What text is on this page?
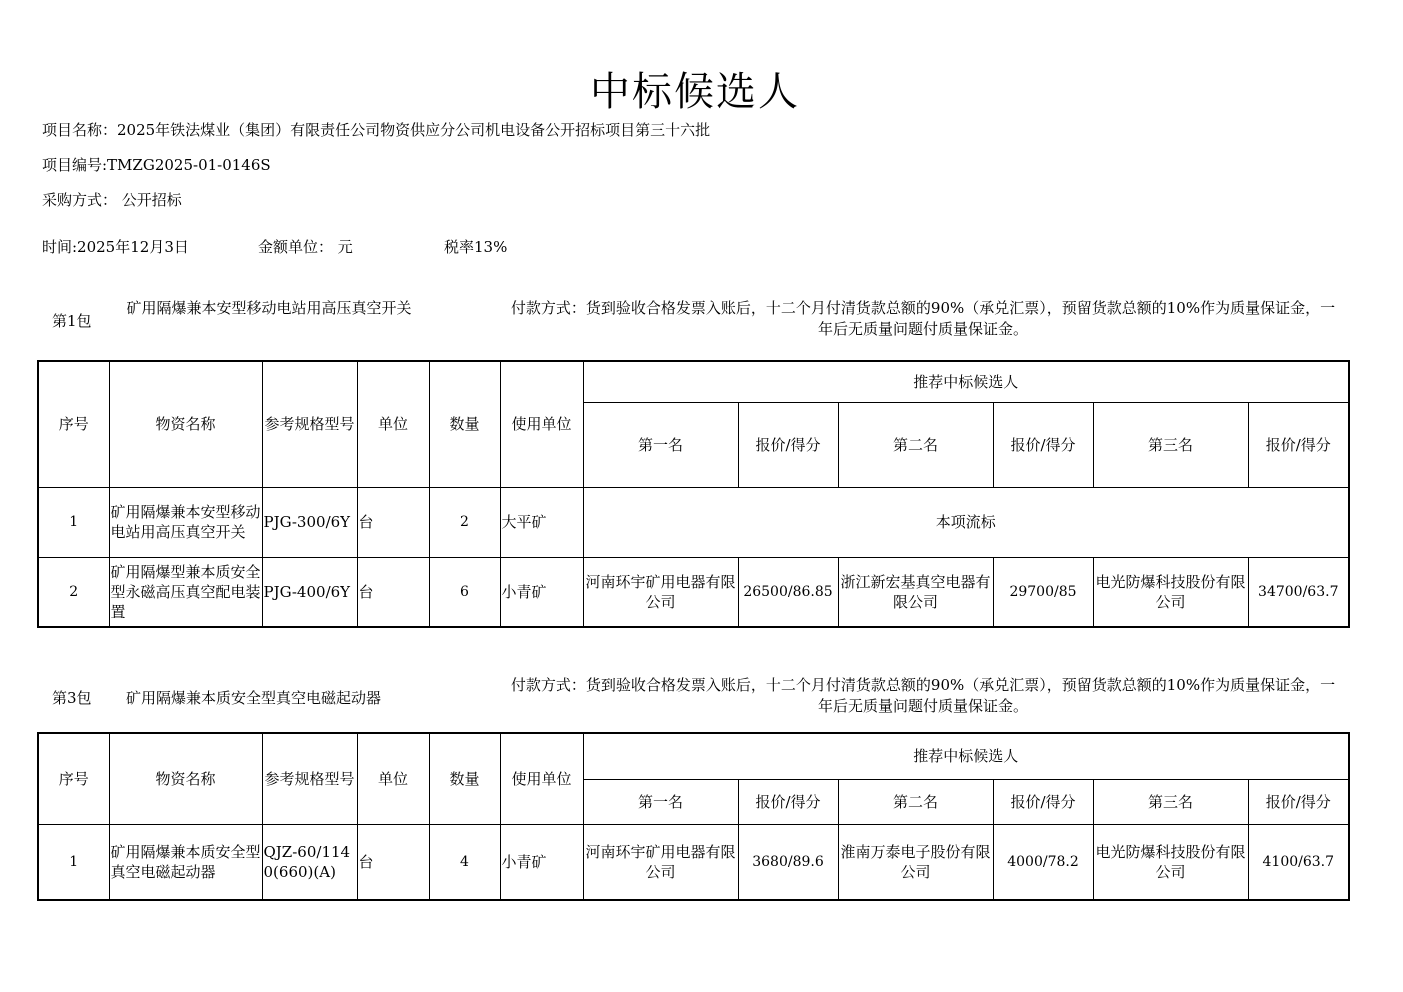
中标候选人
项目名称：2025年铁法煤业（集团）有限责任公司物资供应分公司机电设备公开招标项目第三十六批
项目编号:TMZG2025-01-0146S
采购方式： 公开招标
时间:2025年12月3日	金额单位： 元	税率13%
第1包
矿用隔爆兼本安型移动电站用高压真空开关	付款方式：货到验收合格发票入账后，十二个月付清货款总额的90%（承兑汇票），预留货款总额的10%作为质量保证金，一年后无质量问题付质量保证金。
序号	物资名称	参考规格型号	单位	数量	使用单位	推荐中标候选人					
						第一名	报价/得分	第二名	报价/得分	第三名	报价/得分
1	矿用隔爆兼本安型移动电站用高压真空开关	PJG-300/6Y	台	2	大平矿	本项流标					
2	矿用隔爆型兼本质安全型永磁高压真空配电装置	PJG-400/6Y	台	6	小青矿	河南环宇矿用电器有限公司	26500/86.85	浙江新宏基真空电器有限公司	29700/85	电光防爆科技股份有限公司	34700/63.7
第3包 矿用隔爆兼本质安全型真空电磁起动器
付款方式：货到验收合格发票入账后，十二个月付清货款总额的90%（承兑汇票），预留货款总额的10%作为质量保证金，一年后无质量问题付质量保证金。
序号	物资名称	参考规格型号	单位	数量	使用单位	推荐中标候选人					
						第一名	报价/得分	第二名	报价/得分	第三名	报价/得分
1	矿用隔爆兼本质安全型真空电磁起动器	QJZ-60/1140(660)(A)	台	4	小青矿	河南环宇矿用电器有限公司	3680/89.6	淮南万泰电子股份有限公司	4000/78.2	电光防爆科技股份有限公司	4100/63.7
